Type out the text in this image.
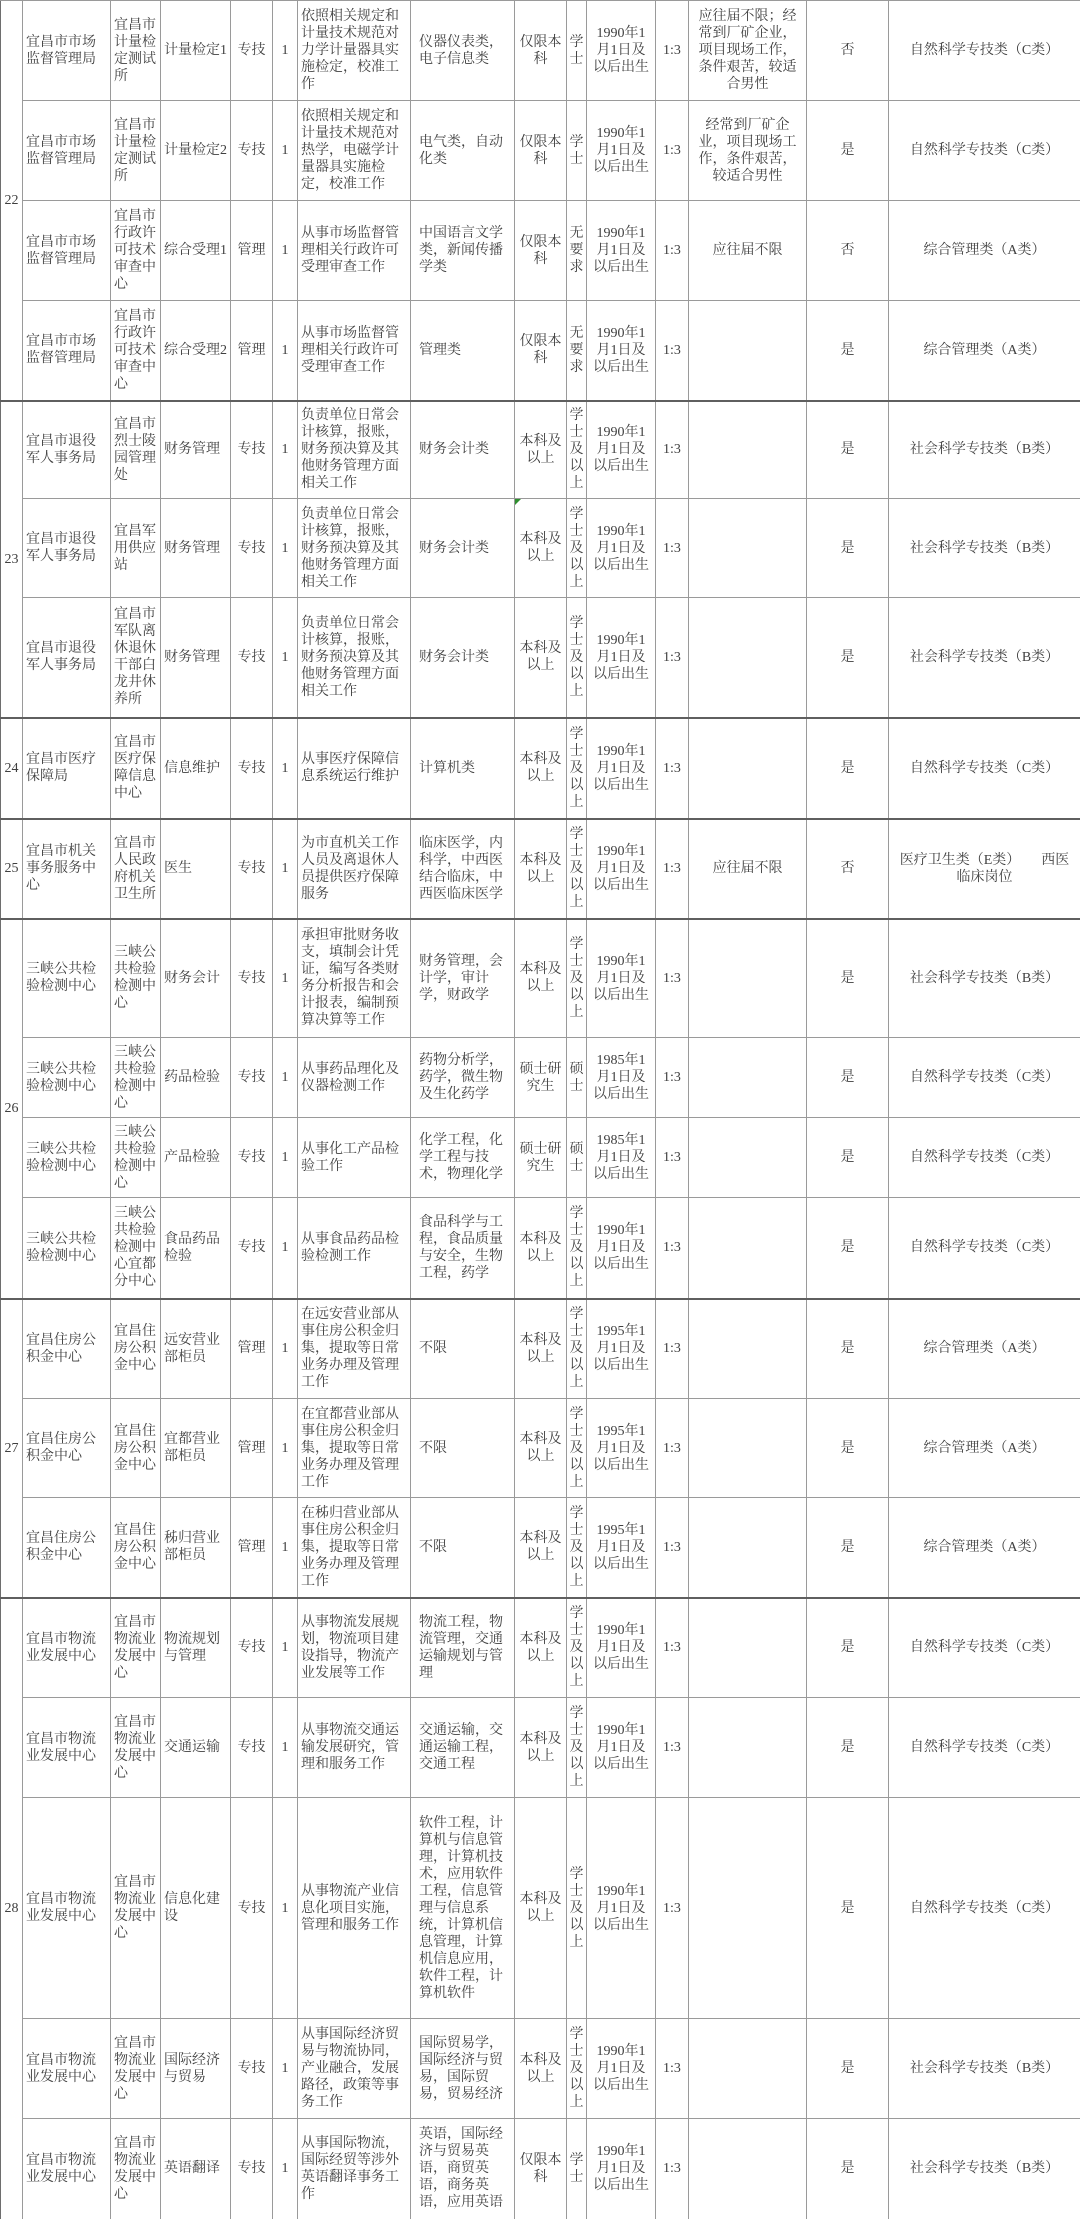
22	宜昌市市场监督管理局	宜昌市计量检定测试所	计量检定1	专技	1	依照相关规定和计量技术规范对力学计量器具实施检定，校准工作	仪器仪表类，电子信息类	仅限本科	学士	1990年1月1日及以后出生	1:3	应往届不限；经常到厂矿企业，项目现场工作，条件艰苦，较适合男性	否	自然科学专技类（C类）
	宜昌市市场监督管理局	宜昌市计量检定测试所	计量检定2	专技	1	依照相关规定和计量技术规范对热学，电磁学计量器具实施检定，校准工作	电气类，自动化类	仅限本科	学士	1990年1月1日及以后出生	1:3	经常到厂矿企业，项目现场工作，条件艰苦，较适合男性	是	自然科学专技类（C类）
	宜昌市市场监督管理局	宜昌市行政许可技术审查中心	综合受理1	管理	1	从事市场监督管理相关行政许可受理审查工作	中国语言文学类，新闻传播学类	仅限本科	无要求	1990年1月1日及以后出生	1:3	应往届不限	否	综合管理类（A类）
	宜昌市市场监督管理局	宜昌市行政许可技术审查中心	综合受理2	管理	1	从事市场监督管理相关行政许可受理审查工作	管理类	仅限本科	无要求	1990年1月1日及以后出生	1:3		是	综合管理类（A类）
23	宜昌市退役军人事务局	宜昌市烈士陵园管理处	财务管理	专技	1	负责单位日常会计核算，报账，财务预决算及其他财务管理方面相关工作	财务会计类	本科及以上	学士及以上	1990年1月1日及以后出生	1:3		是	社会科学专技类（B类）
	宜昌市退役军人事务局	宜昌军用供应站	财务管理	专技	1	负责单位日常会计核算，报账，财务预决算及其他财务管理方面相关工作	财务会计类	本科及以上	学士及以上	1990年1月1日及以后出生	1:3		是	社会科学专技类（B类）
	宜昌市退役军人事务局	宜昌市军队离休退休干部白龙井休养所	财务管理	专技	1	负责单位日常会计核算，报账，财务预决算及其他财务管理方面相关工作	财务会计类	本科及以上	学士及以上	1990年1月1日及以后出生	1:3		是	社会科学专技类（B类）
24	宜昌市医疗保障局	宜昌市医疗保障信息中心	信息维护	专技	1	从事医疗保障信息系统运行维护	计算机类	本科及以上	学士及以上	1990年1月1日及以后出生	1:3		是	自然科学专技类（C类）
25	宜昌市机关事务服务中心	宜昌市人民政府机关卫生所	医生	专技	1	为市直机关工作人员及离退休人员提供医疗保障服务	临床医学，内科学，中西医结合临床，中西医临床医学	本科及以上	学士及以上	1990年1月1日及以后出生	1:3	应往届不限	否	医疗卫生类（E类）　　西医临床岗位
26	三峡公共检验检测中心	三峡公共检验检测中心	财务会计	专技	1	承担审批财务收支，填制会计凭证，编写各类财务分析报告和会计报表，编制预算决算等工作	财务管理，会计学，审计学，财政学	本科及以上	学士及以上	1990年1月1日及以后出生	1:3		是	社会科学专技类（B类）
	三峡公共检验检测中心	三峡公共检验检测中心	药品检验	专技	1	从事药品理化及仪器检测工作	药物分析学，药学，微生物及生化药学	硕士研究生	硕士	1985年1月1日及以后出生	1:3		是	自然科学专技类（C类）
	三峡公共检验检测中心	三峡公共检验检测中心	产品检验	专技	1	从事化工产品检验工作	化学工程，化学工程与技术，物理化学	硕士研究生	硕士	1985年1月1日及以后出生	1:3		是	自然科学专技类（C类）
	三峡公共检验检测中心	三峡公共检验检测中心宜都分中心	食品药品检验	专技	1	从事食品药品检验检测工作	食品科学与工程，食品质量与安全，生物工程，药学	本科及以上	学士及以上	1990年1月1日及以后出生	1:3		是	自然科学专技类（C类）
27	宜昌住房公积金中心	宜昌住房公积金中心	远安营业部柜员	管理	1	在远安营业部从事住房公积金归集，提取等日常业务办理及管理工作	不限	本科及以上	学士及以上	1995年1月1日及以后出生	1:3		是	综合管理类（A类）
	宜昌住房公积金中心	宜昌住房公积金中心	宜都营业部柜员	管理	1	在宜都营业部从事住房公积金归集，提取等日常业务办理及管理工作	不限	本科及以上	学士及以上	1995年1月1日及以后出生	1:3		是	综合管理类（A类）
	宜昌住房公积金中心	宜昌住房公积金中心	秭归营业部柜员	管理	1	在秭归营业部从事住房公积金归集，提取等日常业务办理及管理工作	不限	本科及以上	学士及以上	1995年1月1日及以后出生	1:3		是	综合管理类（A类）
28	宜昌市物流业发展中心	宜昌市物流业发展中心	物流规划与管理	专技	1	从事物流发展规划，物流项目建设指导，物流产业发展等工作	物流工程，物流管理，交通运输规划与管理	本科及以上	学士及以上	1990年1月1日及以后出生	1:3		是	自然科学专技类（C类）
	宜昌市物流业发展中心	宜昌市物流业发展中心	交通运输	专技	1	从事物流交通运输发展研究，管理和服务工作	交通运输，交通运输工程，交通工程	本科及以上	学士及以上	1990年1月1日及以后出生	1:3		是	自然科学专技类（C类）
	宜昌市物流业发展中心	宜昌市物流业发展中心	信息化建设	专技	1	从事物流产业信息化项目实施，管理和服务工作	软件工程，计算机与信息管理，计算机技术，应用软件工程，信息管理与信息系统，计算机信息管理，计算机信息应用，软件工程，计算机软件	本科及以上	学士及以上	1990年1月1日及以后出生	1:3		是	自然科学专技类（C类）
	宜昌市物流业发展中心	宜昌市物流业发展中心	国际经济与贸易	专技	1	从事国际经济贸易与物流协同，产业融合，发展路径，政策等事务工作	国际贸易学，国际经济与贸易，国际贸易，贸易经济	本科及以上	学士及以上	1990年1月1日及以后出生	1:3		是	社会科学专技类（B类）
	宜昌市物流业发展中心	宜昌市物流业发展中心	英语翻译	专技	1	从事国际物流，国际经贸等涉外英语翻译事务工作	英语，国际经济与贸易英语，商贸英语，商务英语，应用英语	仅限本科	学士	1990年1月1日及以后出生	1:3		是	社会科学专技类（B类）
